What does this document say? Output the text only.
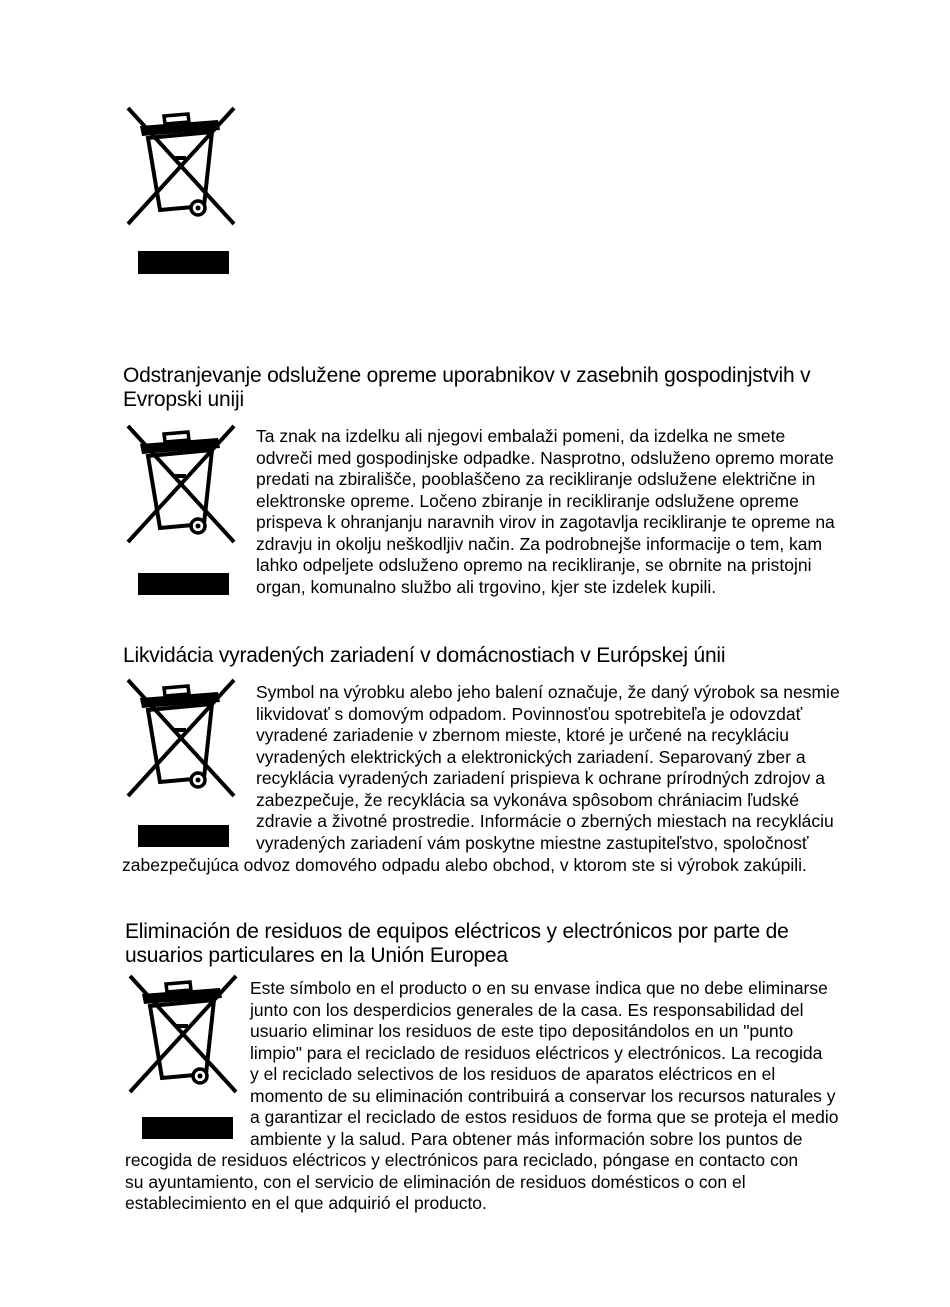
Odstranjevanje odslužene opreme uporabnikov v zasebnih gospodinjstvih v
Evropski uniji
Ta znak na izdelku ali njegovi embalaži pomeni, da izdelka ne smete
odvreči med gospodinjske odpadke. Nasprotno, odsluženo opremo morate
predati na zbirališče, pooblaščeno za recikliranje odslužene električne in
elektronske opreme. Ločeno zbiranje in recikliranje odslužene opreme
prispeva k ohranjanju naravnih virov in zagotavlja recikliranje te opreme na
zdravju in okolju neškodljiv način. Za podrobnejše informacije o tem, kam
lahko odpeljete odsluženo opremo na recikliranje, se obrnite na pristojni
organ, komunalno službo ali trgovino, kjer ste izdelek kupili.
Likvidácia vyradených zariadení v domácnostiach v Európskej únii
Symbol na výrobku alebo jeho balení označuje, že daný výrobok sa nesmie
likvidovať s domovým odpadom. Povinnosťou spotrebiteľa je odovzdať
vyradené zariadenie v zbernom mieste, ktoré je určené na recykláciu
vyradených elektrických a elektronických zariadení. Separovaný zber a
recyklácia vyradených zariadení prispieva k ochrane prírodných zdrojov a
zabezpečuje, že recyklácia sa vykonáva spôsobom chrániacim ľudské
zdravie a životné prostredie. Informácie o zberných miestach na recykláciu
vyradených zariadení vám poskytne miestne zastupiteľstvo, spoločnosť
zabezpečujúca odvoz domového odpadu alebo obchod, v ktorom ste si výrobok zakúpili.
Eliminación de residuos de equipos eléctricos y electrónicos por parte de
usuarios particulares en la Unión Europea
Este símbolo en el producto o en su envase indica que no debe eliminarse
junto con los desperdicios generales de la casa. Es responsabilidad del
usuario eliminar los residuos de este tipo depositándolos en un "punto
limpio" para el reciclado de residuos eléctricos y electrónicos. La recogida
y el reciclado selectivos de los residuos de aparatos eléctricos en el
momento de su eliminación contribuirá a conservar los recursos naturales y
a garantizar el reciclado de estos residuos de forma que se proteja el medio
ambiente y la salud. Para obtener más información sobre los puntos de
recogida de residuos eléctricos y electrónicos para reciclado, póngase en contacto con
su ayuntamiento, con el servicio de eliminación de residuos domésticos o con el
establecimiento en el que adquirió el producto.
